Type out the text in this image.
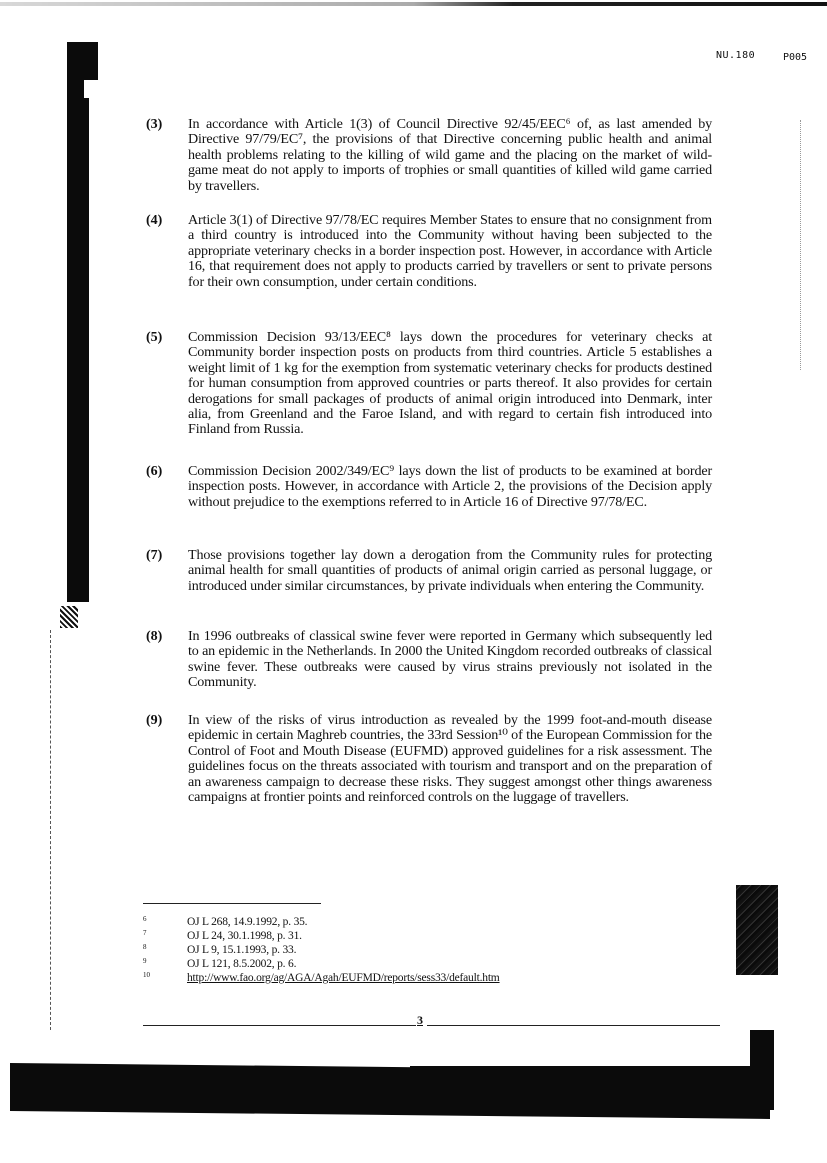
NU.180	P005
(3) In accordance with Article 1(3) of Council Directive 92/45/EEC⁶ of, as last amended by Directive 97/79/EC⁷, the provisions of that Directive concerning public health and animal health problems relating to the killing of wild game and the placing on the market of wild-game meat do not apply to imports of trophies or small quantities of killed wild game carried by travellers.
(4) Article 3(1) of Directive 97/78/EC requires Member States to ensure that no consignment from a third country is introduced into the Community without having been subjected to the appropriate veterinary checks in a border inspection post. However, in accordance with Article 16, that requirement does not apply to products carried by travellers or sent to private persons for their own consumption, under certain conditions.
(5) Commission Decision 93/13/EEC⁸ lays down the procedures for veterinary checks at Community border inspection posts on products from third countries. Article 5 establishes a weight limit of 1 kg for the exemption from systematic veterinary checks for products destined for human consumption from approved countries or parts thereof. It also provides for certain derogations for small packages of products of animal origin introduced into Denmark, inter alia, from Greenland and the Faroe Island, and with regard to certain fish introduced into Finland from Russia.
(6) Commission Decision 2002/349/EC⁹ lays down the list of products to be examined at border inspection posts. However, in accordance with Article 2, the provisions of the Decision apply without prejudice to the exemptions referred to in Article 16 of Directive 97/78/EC.
(7) Those provisions together lay down a derogation from the Community rules for protecting animal health for small quantities of products of animal origin carried as personal luggage, or introduced under similar circumstances, by private individuals when entering the Community.
(8) In 1996 outbreaks of classical swine fever were reported in Germany which subsequently led to an epidemic in the Netherlands. In 2000 the United Kingdom recorded outbreaks of classical swine fever. These outbreaks were caused by virus strains previously not isolated in the Community.
(9) In view of the risks of virus introduction as revealed by the 1999 foot-and-mouth disease epidemic in certain Maghreb countries, the 33rd Session¹⁰ of the European Commission for the Control of Foot and Mouth Disease (EUFMD) approved guidelines for a risk assessment. The guidelines focus on the threats associated with tourism and transport and on the preparation of an awareness campaign to decrease these risks. They suggest amongst other things awareness campaigns at frontier points and reinforced controls on the luggage of travellers.
6	OJ L 268, 14.9.1992, p. 35.
7	OJ L 24, 30.1.1998, p. 31.
8	OJ L 9, 15.1.1993, p. 33.
9	OJ L 121, 8.5.2002, p. 6.
10	http://www.fao.org/ag/AGA/Agah/EUFMD/reports/sess33/default.htm
3
